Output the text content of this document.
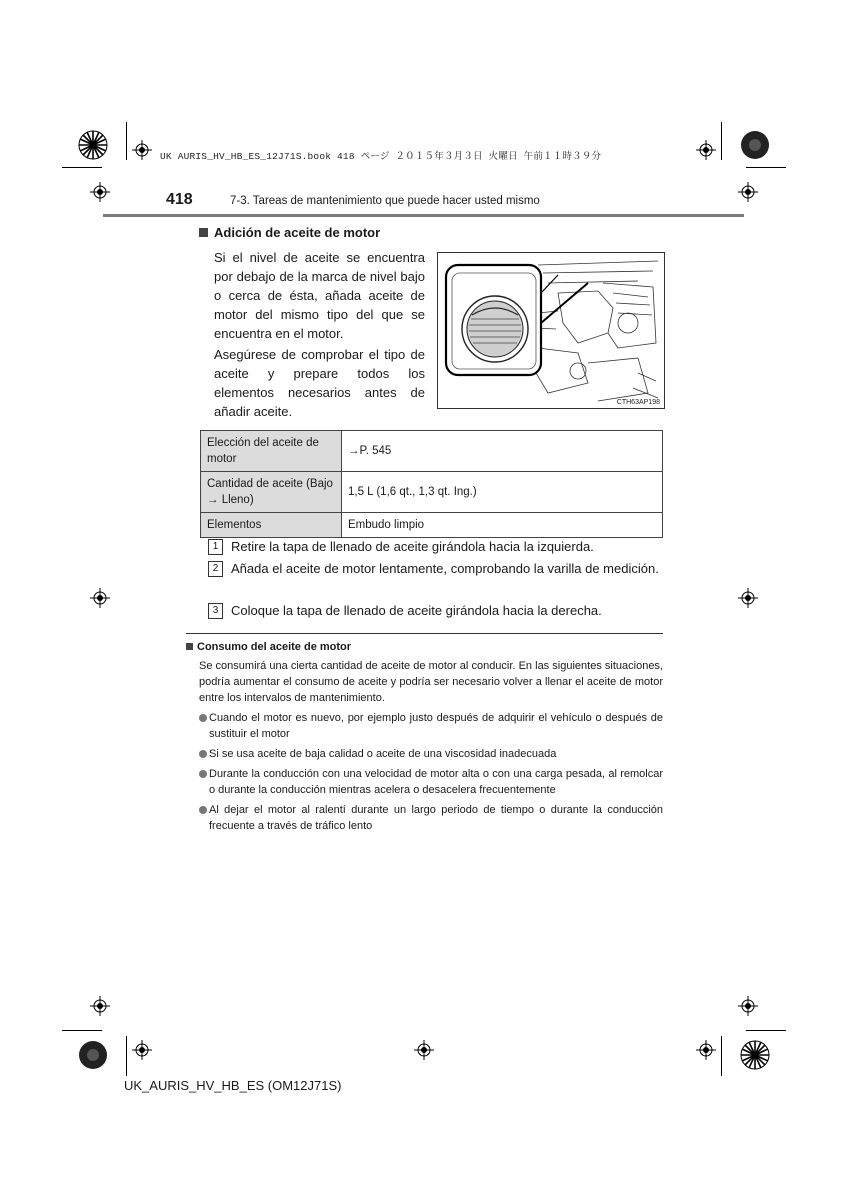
UK AURIS_HV_HB_ES_12J71S.book 418 ページ ２０１５年３月３日 火曜日 午前１１時３９分
418	7-3. Tareas de mantenimiento que puede hacer usted mismo
Adición de aceite de motor
Si el nivel de aceite se encuentra por debajo de la marca de nivel bajo o cerca de ésta, añada aceite de motor del mismo tipo del que se encuentra en el motor.
Asegúrese de comprobar el tipo de aceite y prepare todos los elementos necesarios antes de añadir aceite.
CTH63AP198
Elección del aceite de motor	→P. 545
Cantidad de aceite (Bajo → Lleno)	1,5 L (1,6 qt., 1,3 qt. Ing.)
Elementos	Embudo limpio
1 Retire la tapa de llenado de aceite girándola hacia la izquierda.
2 Añada el aceite de motor lentamente, comprobando la varilla de medición.
3 Coloque la tapa de llenado de aceite girándola hacia la derecha.
Consumo del aceite de motor
Se consumirá una cierta cantidad de aceite de motor al conducir. En las siguientes situaciones, podría aumentar el consumo de aceite y podría ser necesario volver a llenar el aceite de motor entre los intervalos de mantenimiento.
Cuando el motor es nuevo, por ejemplo justo después de adquirir el vehículo o después de sustituir el motor
Si se usa aceite de baja calidad o aceite de una viscosidad inadecuada
Durante la conducción con una velocidad de motor alta o con una carga pesada, al remolcar o durante la conducción mientras acelera o desacelera frecuentemente
Al dejar el motor al ralentí durante un largo periodo de tiempo o durante la conducción frecuente a través de tráfico lento
UK_AURIS_HV_HB_ES (OM12J71S)
